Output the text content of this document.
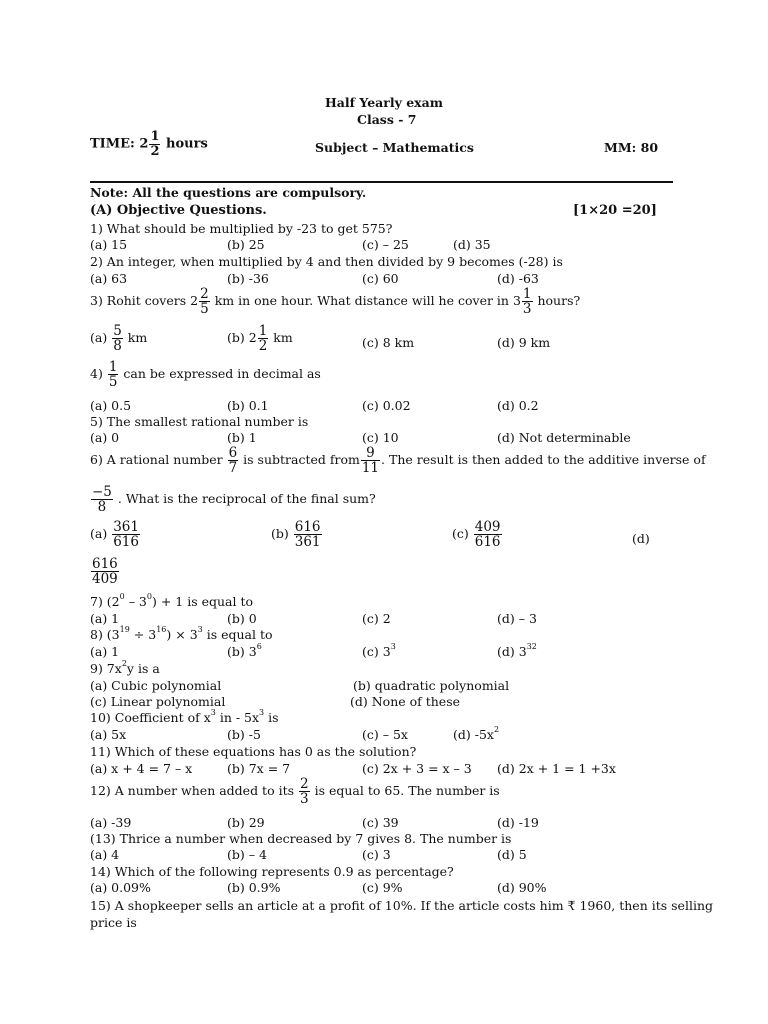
Half Yearly exam
Class - 7
TIME: $2 \frac{1}{2}$ hours	Subject – Mathematics	MM: 80
Note: All the questions are compulsory.
(A) Objective Questions.	[1×20 =20]
1) What should be multiplied by -23 to get 575?
(a) 15	(b) 25	(c) – 25	(d) 35
2) An integer, when multiplied by 4 and then divided by 9 becomes (-28) is
(a) 63	(b) -36	(c) 60	(d) -63
3) Rohit covers $2 \frac{2}{5}$ km in one hour. What distance will he cover in $3 \frac{1}{3}$ hours?
$(a) \frac{5}{8}$ km	(b) $2 \frac{1}{2}$ km	(c) 8 km	(d) 9 km
$4) \frac{1}{5}$ can be expressed in decimal as
(a) 0.5	(b) 0.1	(c) 0.02	(d) 0.2
5) The smallest rational number is
(a) 0	(b) 1	(c) 10	(d) Not determinable
6) A rational number $\frac{6}{7}$ is subtracted from $\frac{9}{11}$ . The result is then added to the additive inverse of
$\frac{-5}{8}$ . What is the reciprocal of the final sum?
$(a) \frac{361}{616}$	$(b) \frac{616}{361}$	$(c) \frac{409}{616}$	(d)
$\frac{616}{409}$
7) $(2^0 - 3^0) + 1$ is equal to
(a) 1	(b) 0	(c) 2	(d) – 3
8) $(3^{19} \div 3^{16}) \times 3^3$ is equal to
(a) 1	(b) $3^6$	(c) $3^3$	(d) $3^{32}$
9) $7x^2y$ is a
(a) Cubic polynomial	(b) quadratic polynomial
(c) Linear polynomial	(d) None of these
10) Coefficient of $x^3$ in - $5x^3$ is
(a) 5x	(b) -5	(c) – 5x	(d) $-5x^2$
11) Which of these equations has 0 as the solution?
(a) x + 4 = 7 – x	(b) 7x = 7	(c) 2x + 3 = x – 3 (d) 2x + 1 = 1 +3x
12) A number when added to its $\frac{2}{3}$ is equal to 65. The number is
(a) -39	(b) 29	(c) 39	(d) -19
(13) Thrice a number when decreased by 7 gives 8. The number is
(a) 4	(b) – 4	(c) 3	(d) 5
14) Which of the following represents 0.9 as percentage?
(a) 0.09%	(b) 0.9%	(c) 9%	(d) 90%
15) A shopkeeper sells an article at a profit of 10%. If the article costs him ₹ 1960, then its selling
price is
